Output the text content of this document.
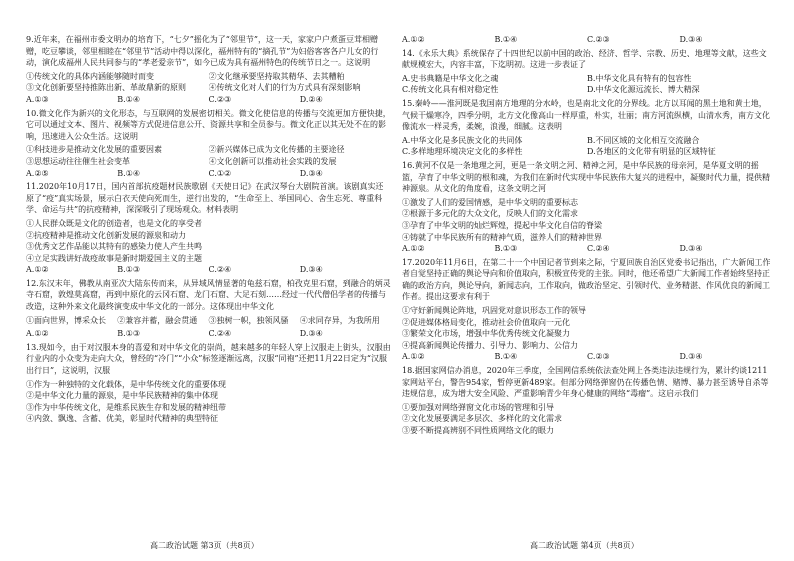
9.近年来，在福州市委文明办的培育下，“七夕”摇化为了“邻里节”，这一天，家家户户煮蛋豆茸相赠赠，吃豆攀谈，邻里相睦在“邻里节”活动中得以深化，福州特有的“摘孔节”为妇俗客客各户儿女的行动，演化成福州人民共同参与的“孝老爱亲节”，如今已成为具有福州特色的传统节日之一。这说明

①传统文化的具体内涵能够随时而变	②文化继承要坚持取其精华、去其糟粕
③文化创新要坚持推陈出新、革故鼎新的原则	④传统文化对人们的行为方式具有深刻影响
A.①③	B.①④	C.②③	D.②④

10.微文化作为新兴的文化形态，与互联网的发展密切相关。微文化使信息的传播与交流更加方便快捷，它可以通过文本、图片、视频等方式促进信息公开、资源共享和全员参与。微文化正以其无处不在的影响，迅速进入公众生活。这说明

①科技进步是推动文化发展的重要因素	②新兴媒体已成为文化传播的主要途径
③思想运动往往催生社会变革	④文化创新可以推动社会实践的发展
A.②⑤	B.①④	C.①②	D.③④

11.2020年10月17日，国内首部抗疫题材民族歌剧《天使日记》在武汉琴台大剧院首演。该剧真实还原了“疫”真实场景，展示白衣天使向死而生，逆行出发的，“生命至上、举国同心、舍生忘死、尊重科学、命运与共”的抗疫精神，深深吸引了现场观众。材料表明

①人民群众既是文化的创造者，也是文化的享受者

②抗疫精神是推动文化创新发展的源泉和动力

③优秀文艺作品能以其特有的感染力使人产生共鸣

④立足实践讲好战疫故事是新时期爱国主义的主题

A.①②	B.①③	C.②④	D.③④

12.东汉末年，佛教从南亚次大陆东传而来，从异域风情显著的龟兹石窟，柏孜克里石窟，到融合的炳灵寺石窟，敦煌莫高窟，再到中原化的云冈石窟、龙门石窟、大足石刻……经过一代代僧侣学者的传播与改造，这种外来文化最终演变成中华文化的一部分。这体现出中华文化

①面向世界，博采众长	②兼容并蓄，融会贯通	③独树一帜，独领风骚	④求同存异，为我所用
A.①②	B.①③	C.②④	D.③④

13.现如今，由于对汉服本身的喜爱和对中华文化的崇尚，越来越多的年轻人穿上汉服走上街头，汉服由行业内的小众变为走向大众，曾经的“冷门”“小众”标签逐渐远离，汉服“同袍”还把11月22日定为“汉服出行日”，这说明，汉服

①作为一种独特的文化载体，是中华传统文化的重要体现

②是中华文化力量的源泉，是中华民族精神的集中体现

③作为中华传统文化，是维系民族生存和发展的精神纽带

④内敛、飘逸、含蓄、优美，彰显时代精神的典型特征

A.①②	B.①④	C.②③	D.③④

14.《永乐大典》系统保存了十四世纪以前中国的政治、经济、哲学、宗教、历史、地理等文献，这些文献规模宏大，内容丰富，下迄明初。这进一步表证了

A.史书典籍是中华文化之魂	B.中华文化具有特有的包容性
C.传统文化具有相对稳定性	D.中华文化源远流长、博大精深

15.秦岭——淮河既是我国南方地理的分水岭，也是南北文化的分界线。北方以耳闻的黑土地和黄土地，气候干燥寒冷，四季分明，北方文化像高山一样厚重，朴实，壮丽；南方河流纵横，山清水秀，南方文化像流水一样灵秀，柔婉，浪漫，细腻。这表明

A.中华文化是多民族文化的共同体	B.不同区域的文化相互交流融合
C.多样地理环境决定文化的多样性	D.各地区的文化带有明显的区域特征

16.黄河不仅是一条地理之河，更是一条文明之河、精神之河，是中华民族的母亲河，是华夏文明的摇篮，孕育了中华文明的根和魂，为我们在新时代实现中华民族伟大复兴的进程中，凝聚时代力量，提供精神源泉。从文化的角度看，这条文明之河

①激发了人们的爱国情感，是中华文明的重要标志

②根源于多元化的大众文化，反映人们的文化需求

③孕育了中华文明的灿烂辉煌，提起中华文化自信的脊梁

④铸就了中华民族所有的精神气质，滋养人们的精神世界

A.①②	B.①③	C.②④	D.③④

17.2020年11月6日，在第二十一个中国记者节到来之际，宁夏回族自治区党委书记指出，广大新闻工作者自觉坚持正确的舆论导向和价值取向，积极宣传党的主张。同时，他还希望广大新闻工作者始终坚持正确的政治方向，舆论导向，新闻志向，工作取向，做政治坚定、引领时代、业务精湛、作风优良的新闻工作者。提出这要求有利于

①守好新闻舆论阵地，巩固党对意识形态工作的领导

②促进媒体格局变化，推动社会价值取向一元化

③繁荣文化市场，增强中华优秀传统文化凝聚力

④提高新闻舆论传播力、引导力、影响力、公信力

A.①②	B.①④	C.②③	D.③④

18.据国家网信办消息，2020年三季度，全国网信系统依法查处网上各类违法违规行为，累计约谈1211家网站平台，警告954家，暂停更新489家。但部分网络弹窗仍在传播色情、赌博、暴力甚至诱导自杀等违规信息，成为增大安全风险、严重影响青少年身心健康的网络“毒瘤”。这启示我们

①要加强对网络弹窗文化市场的管理和引导

②文化发展要满足多层次、多样化的文化需求

③要不断提高辨别不同性质网络文化的眼力

高二政治试题 第3页（共8页）	高二政治试题 第4页（共8页）
